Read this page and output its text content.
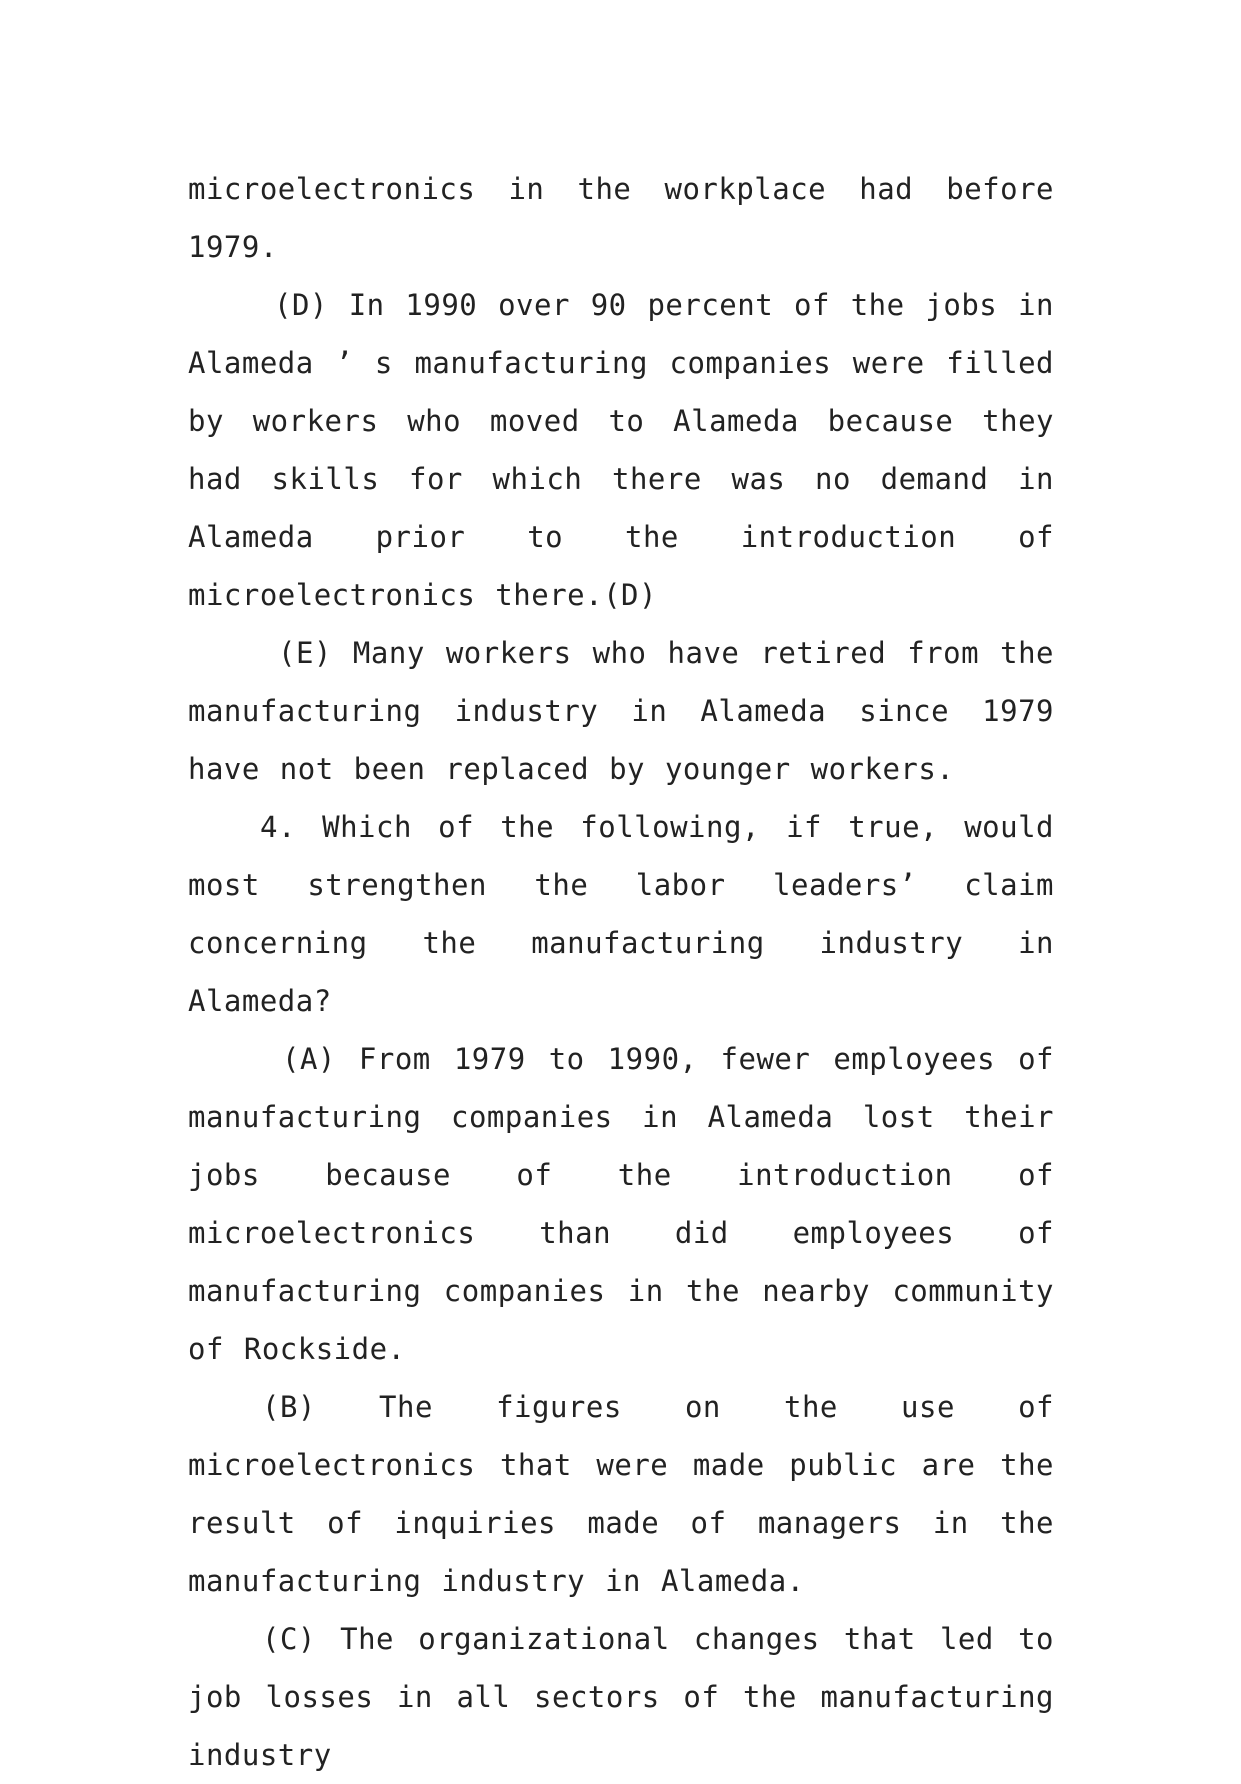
microelectronics in the workplace had before 1979.

(D) In 1990 over 90 percent of the jobs in Alameda ’ s manufacturing companies were filled by workers who moved to Alameda because they had skills for which there was no demand in Alameda prior to the introduction of microelectronics there.(D)

(E) Many workers who have retired from the manufacturing industry in Alameda since 1979 have not been replaced by younger workers.

4. Which of the following, if true, would most strengthen the labor leaders’ claim concerning the manufacturing industry in Alameda?

(A) From 1979 to 1990, fewer employees of manufacturing companies in Alameda lost their jobs because of the introduction of microelectronics than did employees of manufacturing companies in the nearby community of Rockside.

(B) The figures on the use of microelectronics that were made public are the result of inquiries made of managers in the manufacturing industry in Alameda.

(C) The organizational changes that led to job losses in all sectors of the manufacturing industry
